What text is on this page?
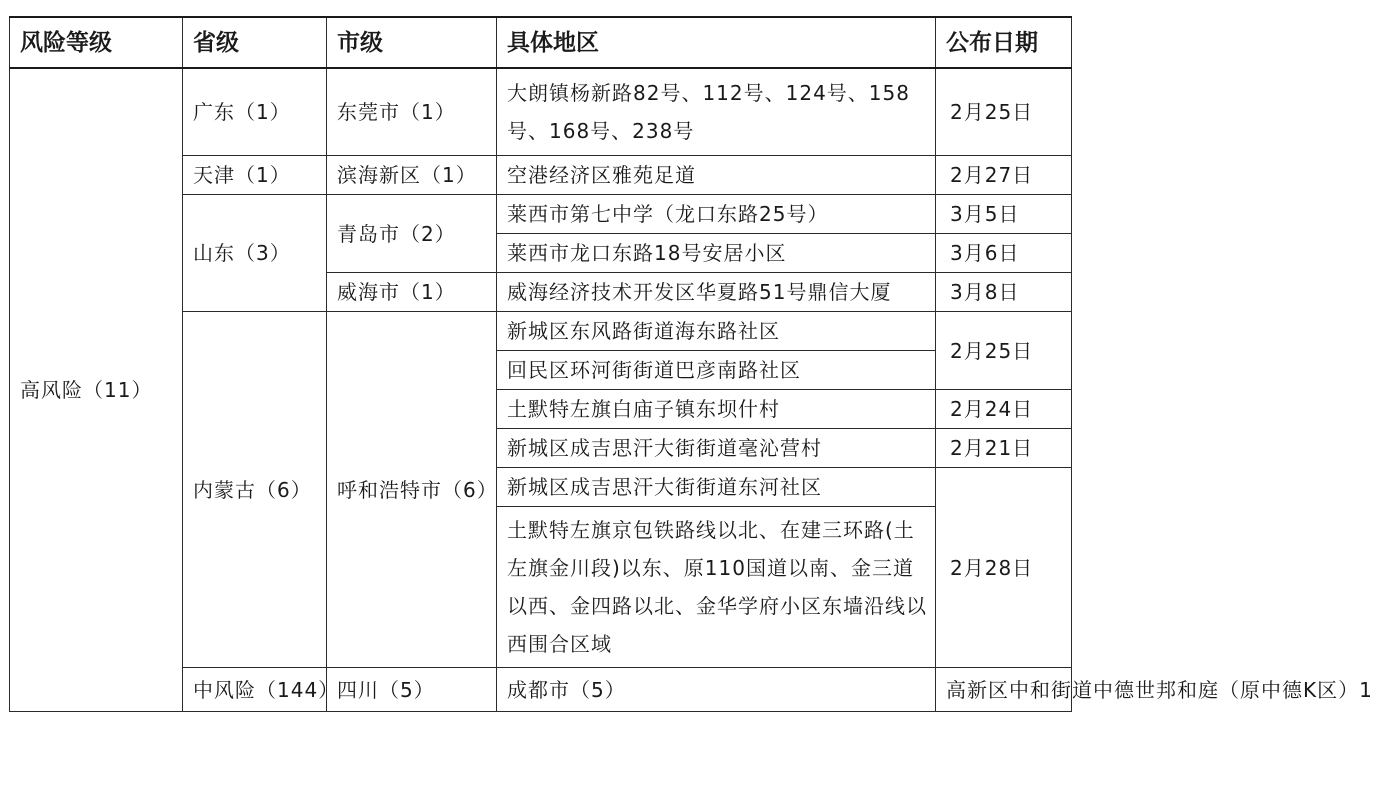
风险等级	省级	市级	具体地区	公布日期	
高风险（11）	广东（1）	东莞市（1）	大朗镇杨新路82号、112号、124号、158号、168号、238号	2月25日	
	天津（1）	滨海新区（1）	空港经济区雅苑足道	2月27日	
	山东（3）	青岛市（2）	莱西市第七中学（龙口东路25号）	3月5日	
			莱西市龙口东路18号安居小区	3月6日	
		威海市（1）	威海经济技术开发区华夏路51号鼎信大厦	3月8日	
	内蒙古（6）	呼和浩特市（6）	新城区东风路街道海东路社区	2月25日	
			回民区环河街街道巴彦南路社区		
			土默特左旗白庙子镇东坝什村	2月24日	
			新城区成吉思汗大街街道毫沁营村	2月21日	
			新城区成吉思汗大街街道东河社区	2月28日	
			土默特左旗京包铁路线以北、在建三环路(土左旗金川段)以东、原110国道以南、金三道以西、金四路以北、金华学府小区东墙沿线以西围合区域		
	中风险（144）	四川（5）	成都市（5）	高新区中和街道中德世邦和庭（原中德K区）1	
